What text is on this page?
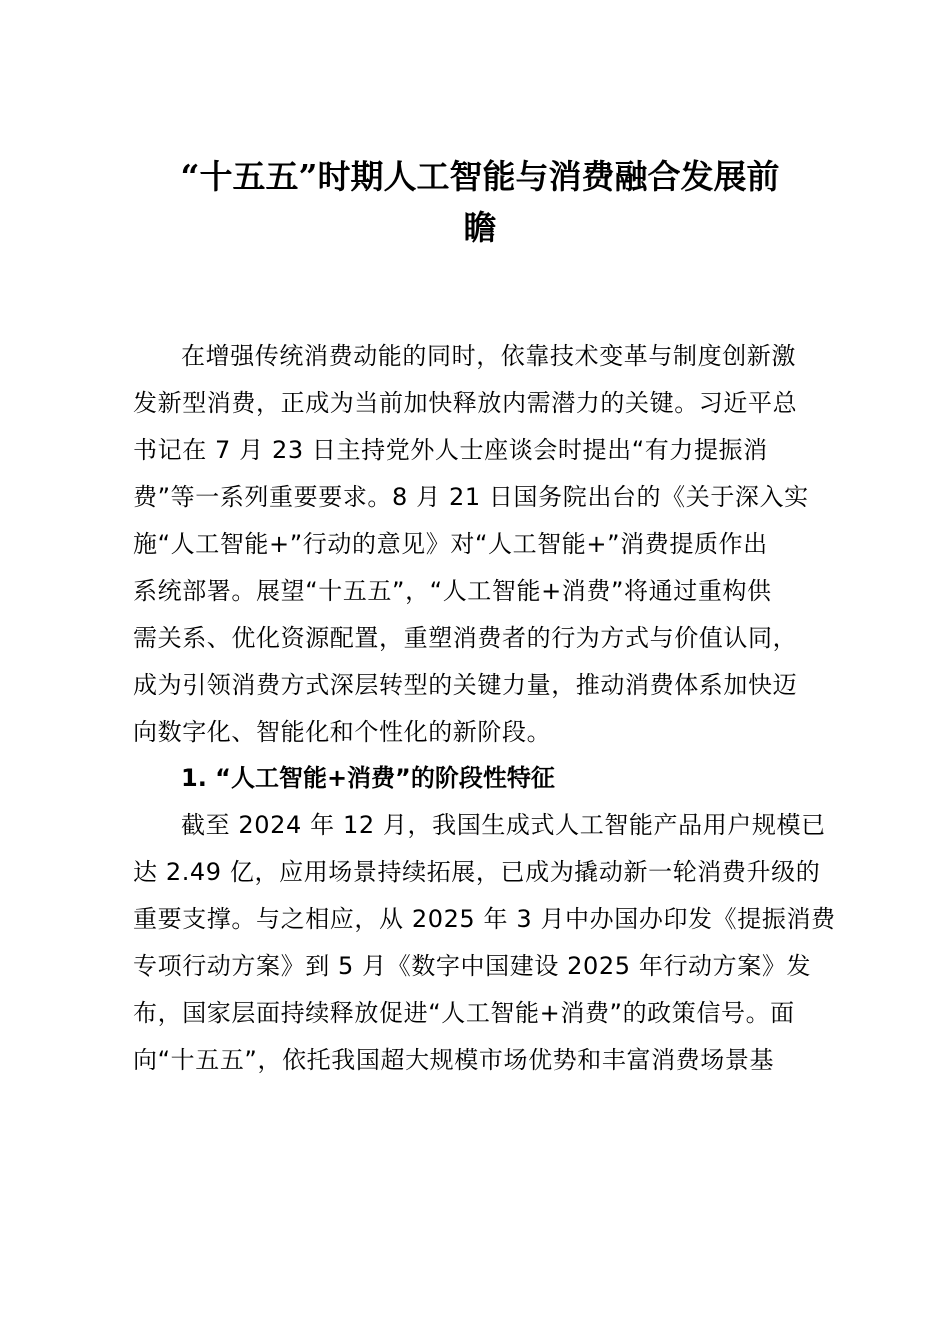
“十五五”时期人工智能与消费融合发展前
瞻
在增强传统消费动能的同时，依靠技术变革与制度创新激
发新型消费，正成为当前加快释放内需潜力的关键。习近平总
书记在 7 月 23 日主持党外人士座谈会时提出“有力提振消
费”等一系列重要要求。8 月 21 日国务院出台的《关于深入实
施“人工智能+”行动的意见》对“人工智能+”消费提质作出
系统部署。展望“十五五”，“人工智能+消费”将通过重构供
需关系、优化资源配置，重塑消费者的行为方式与价值认同，
成为引领消费方式深层转型的关键力量，推动消费体系加快迈
向数字化、智能化和个性化的新阶段。
1. “人工智能+消费”的阶段性特征
截至 2024 年 12 月，我国生成式人工智能产品用户规模已
达 2.49 亿，应用场景持续拓展，已成为撬动新一轮消费升级的
重要支撑。与之相应，从 2025 年 3 月中办国办印发《提振消费
专项行动方案》到 5 月《数字中国建设 2025 年行动方案》发
布，国家层面持续释放促进“人工智能+消费”的政策信号。面
向“十五五”，依托我国超大规模市场优势和丰富消费场景基
